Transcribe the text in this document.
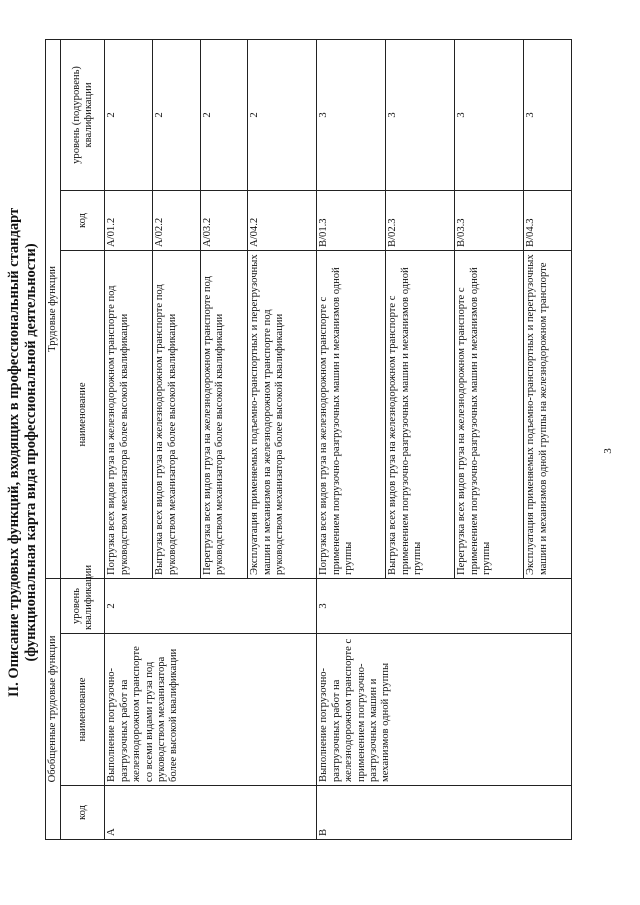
3
II. Описание трудовых функций, входящих в профессиональный стандарт (функциональная карта вида профессиональной деятельности)
Обобщенные трудовые функции			Трудовые функции		
код	наименование	уровень квалификации	наименование	код	уровень (подуровень) квалификации
A	Выполнение погрузочно-разгрузочных работ на железнодорожном транспорте со всеми видами груза под руководством механизатора более высокой квалификации	2	Погрузка всех видов груза на железнодорожном транспорте под руководством механизатора более высокой квалификации	A/01.2	2
			Выгрузка всех видов груза на железнодорожном транспорте под руководством механизатора более высокой квалификации	A/02.2	2
			Перегрузка всех видов груза на железнодорожном транспорте под руководством механизатора более высокой квалификации	A/03.2	2
			Эксплуатация применяемых подъемно-транспортных и перегрузочных машин и механизмов на железнодорожном транспорте под руководством механизатора более высокой квалификации	A/04.2	2
B	Выполнение погрузочно-разгрузочных работ на железнодорожном транспорте с применением погрузочно-разгрузочных машин и механизмов одной группы	3	Погрузка всех видов груза на железнодорожном транспорте с применением погрузочно-разгрузочных машин и механизмов одной группы	B/01.3	3
			Выгрузка всех видов груза на железнодорожном транспорте с применением погрузочно-разгрузочных машин и механизмов одной группы	B/02.3	3
			Перегрузка всех видов груза на железнодорожном транспорте с применением погрузочно-разгрузочных машин и механизмов одной группы	B/03.3	3
			Эксплуатация применяемых подъемно-транспортных и перегрузочных машин и механизмов одной группы на железнодорожном транспорте	B/04.3	3
